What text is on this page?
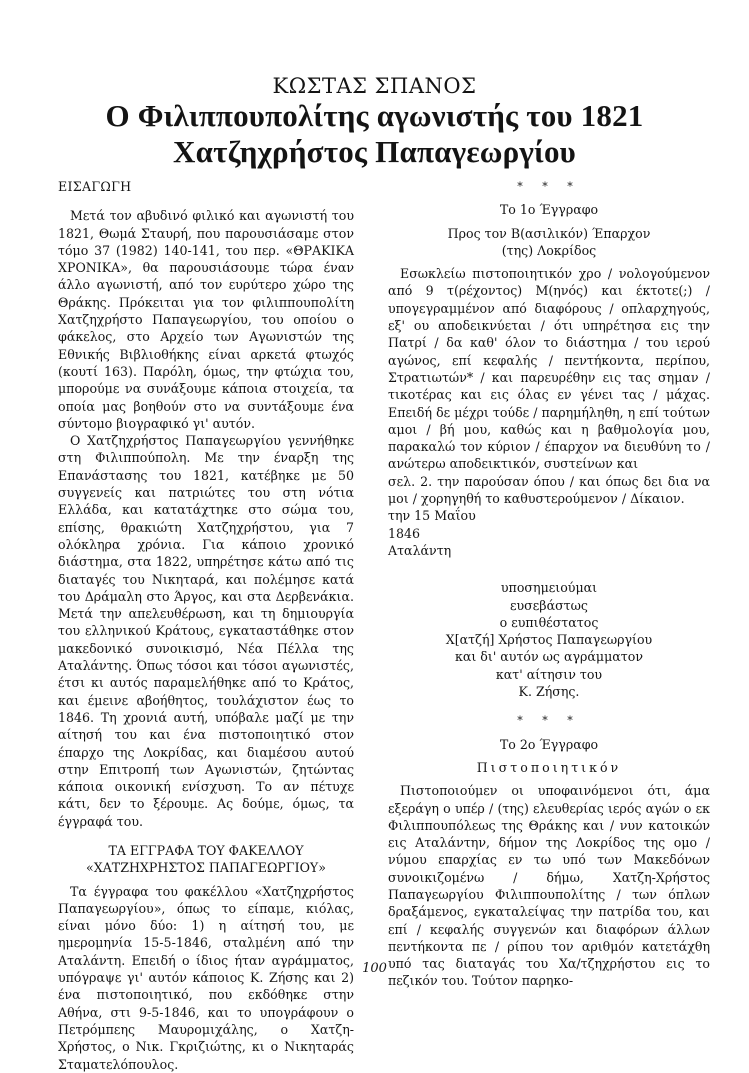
ΚΩΣΤΑΣ ΣΠΑΝΟΣ
Ο Φιλιππουπολίτης αγωνιστής του 1821
Χατζηχρήστος Παπαγεωργίου
ΕΙΣΑΓΩΓΗ

Μετά τον αβυδινό φιλικό και αγωνιστή του 1821, Θωμά Σταυρή, που παρουσιάσαμε στον τόμο 37 (1982) 140-141, του περ. «ΘΡΑΚΙΚΑ ΧΡΟΝΙΚΑ», θα παρουσιάσουμε τώρα έναν άλλο αγωνιστή, από τον ευρύτερο χώρο της Θράκης. Πρόκειται για τον φιλιππουπολίτη Χατζηχρήστο Παπαγεωργίου, του οποίου ο φάκελος, στο Αρχείο των Αγωνιστών της Εθνικής Βιβλιοθήκης είναι αρκετά φτωχός (κουτί 163). Παρόλη, όμως, την φτώχια του, μπορούμε να συνάξουμε κάποια στοιχεία, τα οποία μας βοηθούν στο να συντάξουμε ένα σύντομο βιογραφικό γι' αυτόν.

Ο Χατζηχρήστος Παπαγεωργίου γεννήθηκε στη Φιλιππούπολη. Με την έναρξη της Επανάστασης του 1821, κατέβηκε με 50 συγγενείς και πατριώτες του στη νότια Ελλάδα, και κατατάχτηκε στο σώμα του, επίσης, θρακιώτη Χατζηχρήστου, για 7 ολόκληρα χρόνια. Για κάποιο χρονικό διάστημα, στα 1822, υπηρέτησε κάτω από τις διαταγές του Νικηταρά, και πολέμησε κατά του Δράμαλη στο Άργος, και στα Δερβενάκια. Μετά την απελευθέρωση, και τη δημιουργία του ελληνικού Κράτους, εγκαταστάθηκε στον μακεδονικό συνοικισμό, Νέα Πέλλα της Αταλάντης. Όπως τόσοι και τόσοι αγωνιστές, έτσι κι αυτός παραμελήθηκε από το Κράτος, και έμεινε αβοήθητος, τουλάχιστον έως το 1846. Τη χρονιά αυτή, υπόβαλε μαζί με την αίτησή του και ένα πιστοποιητικό στον έπαρχο της Λοκρίδας, και διαμέσου αυτού στην Επιτροπή των Αγωνιστών, ζητώντας κάποια οικονική ενίσχυση. Το αν πέτυχε κάτι, δεν το ξέρουμε. Ας δούμε, όμως, τα έγγραφά του.

ΤΑ ΕΓΓΡΑΦΑ ΤΟΥ ΦΑΚΕΛΛΟΥ
«ΧΑΤΖΗΧΡΗΣΤΟΣ ΠΑΠΑΓΕΩΡΓΙΟΥ»

Τα έγγραφα του φακέλλου «Χατζηχρήστος Παπαγεωργίου», όπως το είπαμε, κιόλας, είναι μόνο δύο: 1) η αίτησή του, με ημερομηνία 15-5-1846, σταλμένη από την Αταλάντη. Επειδή ο ίδιος ήταν αγράμματος, υπόγραψε γι' αυτόν κάποιος Κ. Ζήσης και 2) ένα πιστοποιητικό, που εκδόθηκε στην Αθήνα, στι 9-5-1846, και το υπογράφουν ο Πετρόμπεης Μαυρομιχάλης, ο Χατζη-Χρήστος, ο Νικ. Γκριζιώτης, κι ο Νικηταράς Σταματελόπουλος.

* * *
Το 1ο Έγγραφο
Προς τον Β(ασιλικόν) Έπαρχον
(της) Λοκρίδος

Εσωκλείω πιστοποιητικόν χρο / νολογούμενον από 9 τ(ρέχοντος) Μ(ηνός) και έκτοτε(;) / υπογεγραμμένον από διαφόρους / οπλαρχηγούς, εξ' ου αποδεικνύεται / ότι υπηρέτησα εις την Πατρί / δα καθ' όλον το διάστημα / του ιερού αγώνος, επί κεφαλής / πεντήκοντα, περίπου, Στρατιωτών* / και παρευρέθην εις τας σημαν / τικοτέρας και εις όλας εν γένει τας / μάχας. Επειδή δε μέχρι τούδε / παρημήληθη, η επί τούτων αμοι / βή μου, καθώς και η βαθμολογία μου, παρακαλώ τον κύριον / έπαρχον να διευθύνη το / ανώτερω αποδεικτικόν, συστείνων και

σελ. 2. την παρούσαν όπου / και όπως δει δια να μοι / χορηγηθή το καθυστερούμενον / Δίκαιον.
την 15 Μαΐου
1846
Αταλάντη
υποσημειούμαι
ευσεβάστως
ο ευπιθέστατος
Χ[ατζή] Χρήστος Παπαγεωργίου
και δι' αυτόν ως αγράμματον
κατ' αίτησιν του
Κ. Ζήσης.
* * *
Το 2ο Έγγραφο
Πιστοποιητικόν

Πιστοποιούμεν οι υποφαινόμενοι ότι, άμα εξεράγη ο υπέρ / (της) ελευθερίας ιερός αγών ο εκ Φιλιππουπόλεως της Θράκης και / νυν κατοικών εις Αταλάντην, δήμον της Λοκρίδος της ομο / νύμου επαρχίας εν τω υπό των Μακεδόνων συνοικιζομένω / δήμω, Χατζη-Χρήστος Παπαγεωργίου Φιλιππουπολίτης / των όπλων δραξάμενος, εγκαταλείψας την πατρίδα του, και επί / κεφαλής συγγενών και διαφόρων άλλων πεντήκοντα πε / ρίπου τον αριθμόν κατετάχθη υπό τας διαταγάς του Χα/τζηχρήστου εις το πεζικόν του. Τούτον παρηκο-

100
